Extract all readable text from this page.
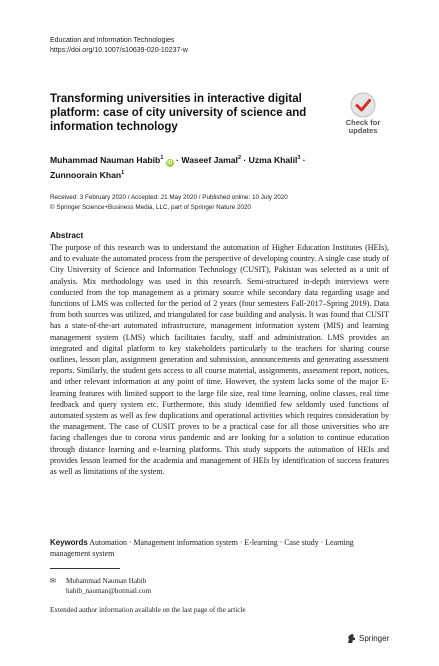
Education and Information Technologies
https://doi.org/10.1007/s10639-020-10237-w
Transforming universities in interactive digital platform: case of city university of science and information technology	Check for
updates
Muhammad Nauman Habib$^1$ iD · Waseef Jamal$^2$ · Uzma Khalil$^3$ ·
Zunnoorain Khan$^1$
Received: 3 February 2020 / Accepted: 21 May 2020 / Published online: 10 July 2020
© Springer Science+Business Media, LLC, part of Springer Nature 2020
Abstract

The purpose of this research was to understand the automation of Higher Education Institutes (HEIs), and to evaluate the automated process from the perspective of developing country. A single case study of City University of Science and Information Technology (CUSIT), Pakistan was selected as a unit of analysis. Mix methodology was used in this research. Semi-structured in-depth interviews were conducted from the top management as a primary source while secondary data regarding usage and functions of LMS was collected for the period of 2 years (four semesters Fall-2017–Spring 2019). Data from both sources was utilized, and triangulated for case building and analysis. It was found that CUSIT has a state-of-the-art automated infrastructure, management information system (MIS) and learning management system (LMS) which facilitates faculty, staff and administration. LMS provides an integrated and digital platform to key stakeholders particularly to the teachers for sharing course outlines, lesson plan, assignment generation and submission, announcements and generating assessment reports. Similarly, the student gets access to all course material, assignments, assessment report, notices, and other relevant information at any point of time. However, the system lacks some of the major E-learning features with limited support to the large file size, real time learning, online classes, real time feedback and query system etc. Furthermore, this study identified few seldomly used functions of automated system as well as few duplications and operational activities which requires consideration by the management. The case of CUSIT proves to be a practical case for all those universities who are facing challenges due to corona virus pandemic and are looking for a solution to continue education through distance learning and e-learning platforms. This study supports the automation of HEIs and provides lesson learned for the academia and management of HEIs by identification of success features as well as limitations of the system.

Keywords Automation · Management information system · E-learning · Case study · Learning management system
✉ Muhammad Nauman Habib
habib_nauman@hotmail.com
Extended author information available on the last page of the article
Springer
